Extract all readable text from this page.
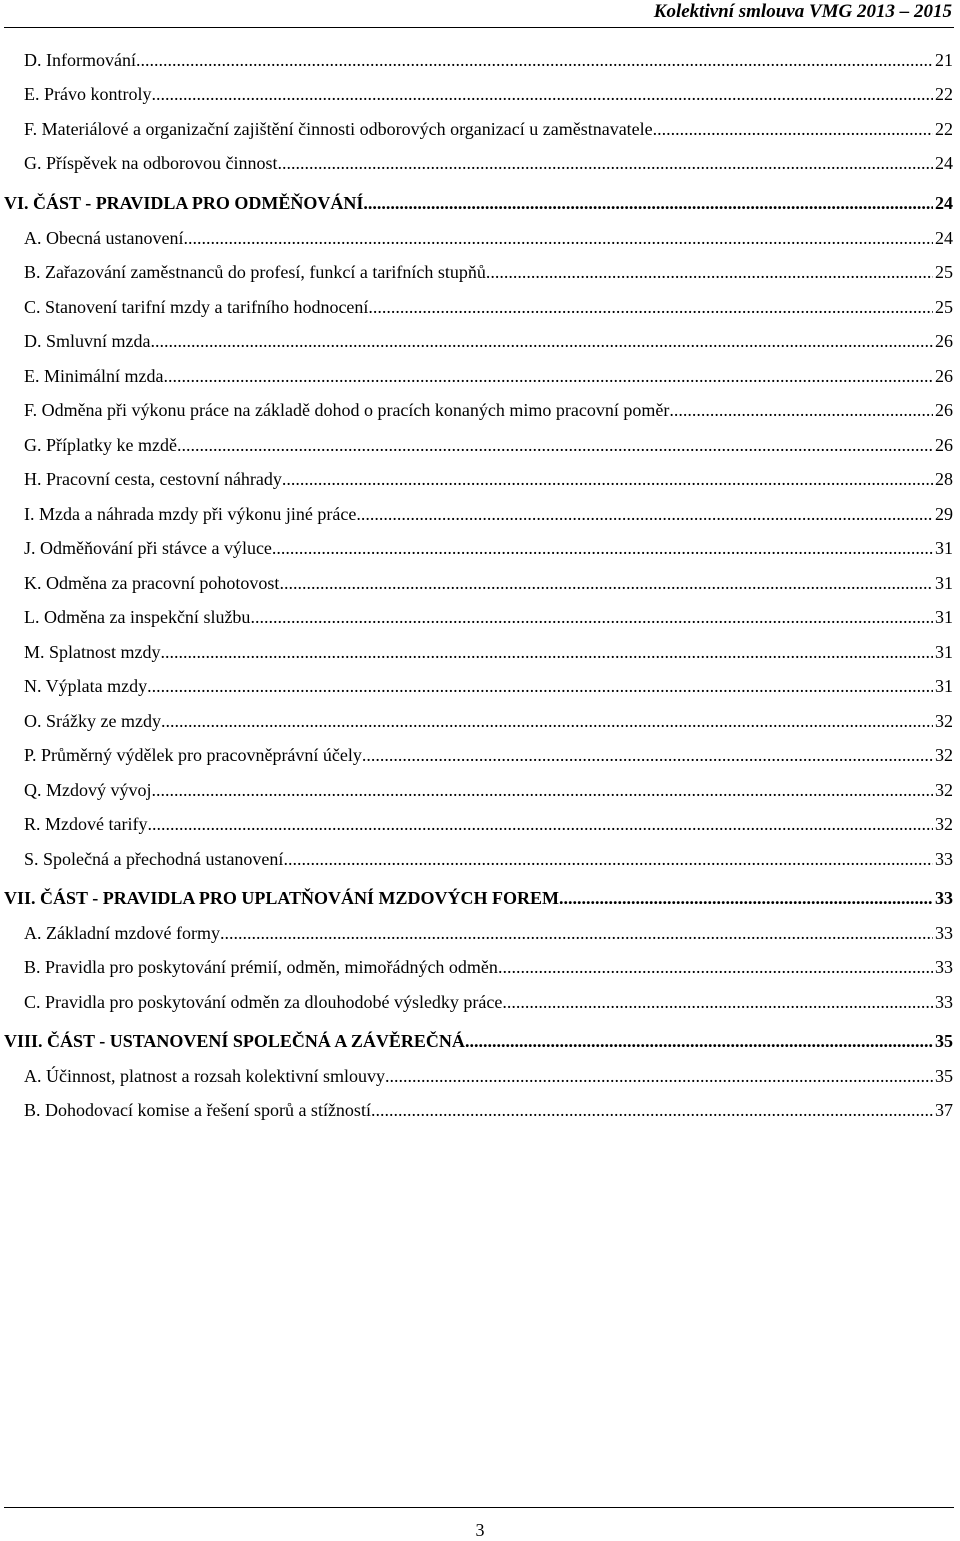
Kolektivní smlouva VMG 2013 – 2015
D. Informování .....	21
E. Právo kontroly .....	22
F. Materiálové a organizační zajištění činnosti odborových organizací u zaměstnavatele .....	22
G. Příspěvek na odborovou činnost .....	24
VI. ČÁST - PRAVIDLA PRO ODMĚŇOVÁNÍ .....	24
A. Obecná ustanovení .....	24
B. Zařazování zaměstnanců do profesí, funkcí a tarifních stupňů .....	25
C. Stanovení tarifní mzdy a tarifního hodnocení .....	25
D. Smluvní mzda .....	26
E. Minimální mzda .....	26
F. Odměna při výkonu práce na základě dohod o pracích konaných mimo pracovní poměr .....	26
G. Příplatky ke mzdě .....	26
H. Pracovní cesta, cestovní náhrady .....	28
I. Mzda a náhrada mzdy při výkonu jiné práce .....	29
J. Odměňování při stávce a výluce .....	31
K. Odměna za pracovní pohotovost .....	31
L. Odměna za inspekční službu .....	31
M. Splatnost mzdy .....	31
N. Výplata mzdy .....	31
O. Srážky ze mzdy .....	32
P. Průměrný výdělek pro pracovněprávní účely .....	32
Q. Mzdový vývoj .....	32
R. Mzdové tarify .....	32
S. Společná a přechodná ustanovení .....	33
VII. ČÁST - PRAVIDLA PRO UPLATŇOVÁNÍ MZDOVÝCH FOREM .....	33
A. Základní mzdové formy .....	33
B. Pravidla pro poskytování prémií, odměn, mimořádných odměn .....	33
C. Pravidla pro poskytování odměn za dlouhodobé výsledky práce .....	33
VIII. ČÁST - USTANOVENÍ SPOLEČNÁ A ZÁVĚREČNÁ .....	35
A. Účinnost, platnost a rozsah kolektivní smlouvy .....	35
B. Dohodovací komise a řešení sporů a stížností .....	37
3
